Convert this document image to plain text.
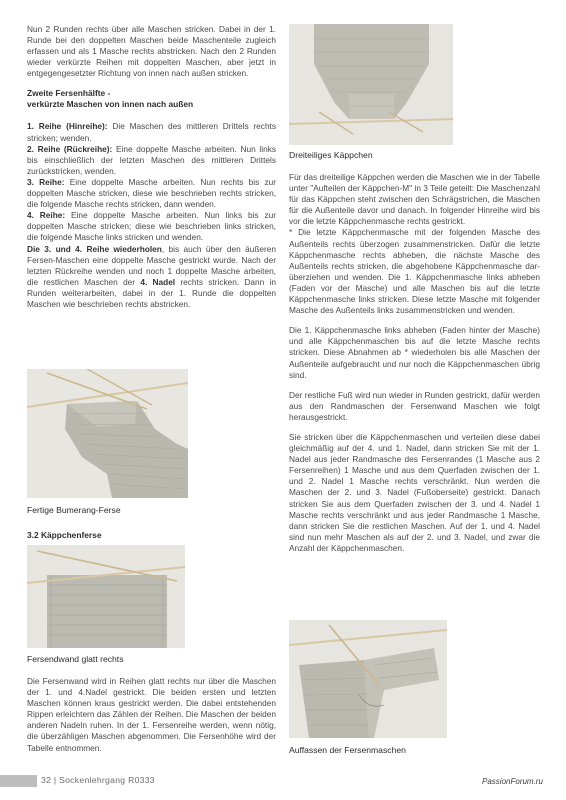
Nun 2 Runden rechts über alle Maschen stricken. Dabei in der 1. Runde bei den doppelten Maschen beide Maschenteile zugleich erfassen und als 1 Masche rechts abstricken. Nach den 2 Runden wieder verkürzte Reihen mit doppelten Maschen, aber jetzt in entgegengesetzter Richtung von innen nach außen stricken.

Zweite Fersenhälfte -
verkürzte Maschen von innen nach außen

1. Reihe (Hinreihe): Die Maschen des mittleren Drittels rechts stricken; wenden.

2. Reihe (Rückreihe): Eine doppelte Masche arbeiten. Nun links bis einschließlich der letzten Maschen des mittleren Drittels zurückstricken, wenden.

3. Reihe: Eine doppelte Masche arbeiten. Nun rechts bis zur doppelten Masche stricken, diese wie beschrieben rechts stricken, die folgende Masche rechts stricken, dann wenden.

4. Reihe: Eine doppelte Masche arbeiten. Nun links bis zur doppelten Masche stricken; diese wie beschrieben links stricken, die folgende Masche links stricken und wenden.

Die 3. und 4. Reihe wiederholen, bis auch über den äußeren Fersen-Maschen eine doppelte Masche gestrickt wurde. Nach der letzten Rückreihe wenden und noch 1 doppelte Masche arbeiten, die restlichen Maschen der 4. Nadel rechts stricken. Dann in Runden weiterarbeiten, dabei in der 1. Runde die doppelten Maschen wie beschrieben rechts abstricken.

Fertige Bumerang-Ferse
3.2 Käppchenferse
Fersendwand glatt rechts

Die Fersenwand wird in Reihen glatt rechts nur über die Maschen der 1. und 4.Nadel gestrickt. Die beiden ersten und letzten Maschen können kraus gestrickt werden. Die dabei entstehenden Rippen erleichtern das Zählen der Reihen. Die Maschen der beiden anderen Nadeln ruhen. In der 1. Fersenreihe werden, wenn nötig, die überzähligen Maschen abgenommen. Die Fersenhöhe wird der Tabelle entnommen.

Dreiteiliges Käppchen

Für das dreiteilige Käppchen werden die Maschen wie in der Tabelle unter "Aufteilen der Käppchen-M" in 3 Teile geteilt: Die Maschenzahl für das Käppchen steht zwischen den Schrägstrichen, die Maschen für die Außenteile davor und danach. In folgender Hinreihe wird bis vor die letzte Käppchenmasche rechts gestrickt.

* Die letzte Käppchenmasche mit der folgenden Masche des Außenteils rechts überzogen zusammenstricken. Dafür die letzte Käppchenmasche rechts abheben, die nächste Masche des Außenteils rechts stricken, die abgehobene Käppchenmasche dar- überziehen und wenden. Die 1. Käppchenmasche links abheben (Faden vor der Masche) und alle Maschen bis auf die letzte Käppchenmasche links stricken. Diese letzte Masche mit folgender Masche des Außenteils links zusammenstricken und wenden.

Die 1. Käppchenmasche links abheben (Faden hinter der Masche) und alle Käppchenmaschen bis auf die letzte Masche rechts stricken. Diese Abnahmen ab * wiederholen bis alle Maschen der Außenteile aufgebraucht und nur noch die Käppchenmaschen übrig sind.

Der restliche Fuß wird nun wieder in Runden gestrickt, dafür werden aus den Randmaschen der Fersenwand Maschen wie folgt herausgestrickt.

Sie stricken über die Käppchenmaschen und verteilen diese dabei gleichmäßig auf der 4. und 1. Nadel, dann stricken Sie mit der 1. Nadel aus jeder Randmasche des Fersenrandes (1 Masche aus 2 Fersenreihen) 1 Masche und aus dem Querfaden zwischen der 1. und 2. Nadel 1 Masche rechts verschränkt. Nun werden die Maschen der 2. und 3. Nadel (Fußoberseite) gestrickt. Danach stricken Sie aus dem Querfaden zwischen der 3. und 4. Nadel 1 Masche rechts verschränkt und aus jeder Randmasche 1 Masche, dann stricken Sie die restlichen Maschen. Auf der 1. und 4. Nadel sind nun mehr Maschen als auf der 2. und 3. Nadel, und zwar die Anzahl der Käppchenmaschen.

Auffassen der Fersenmaschen
32 | Sockenlehrgang R0333	PassionForum.ru
